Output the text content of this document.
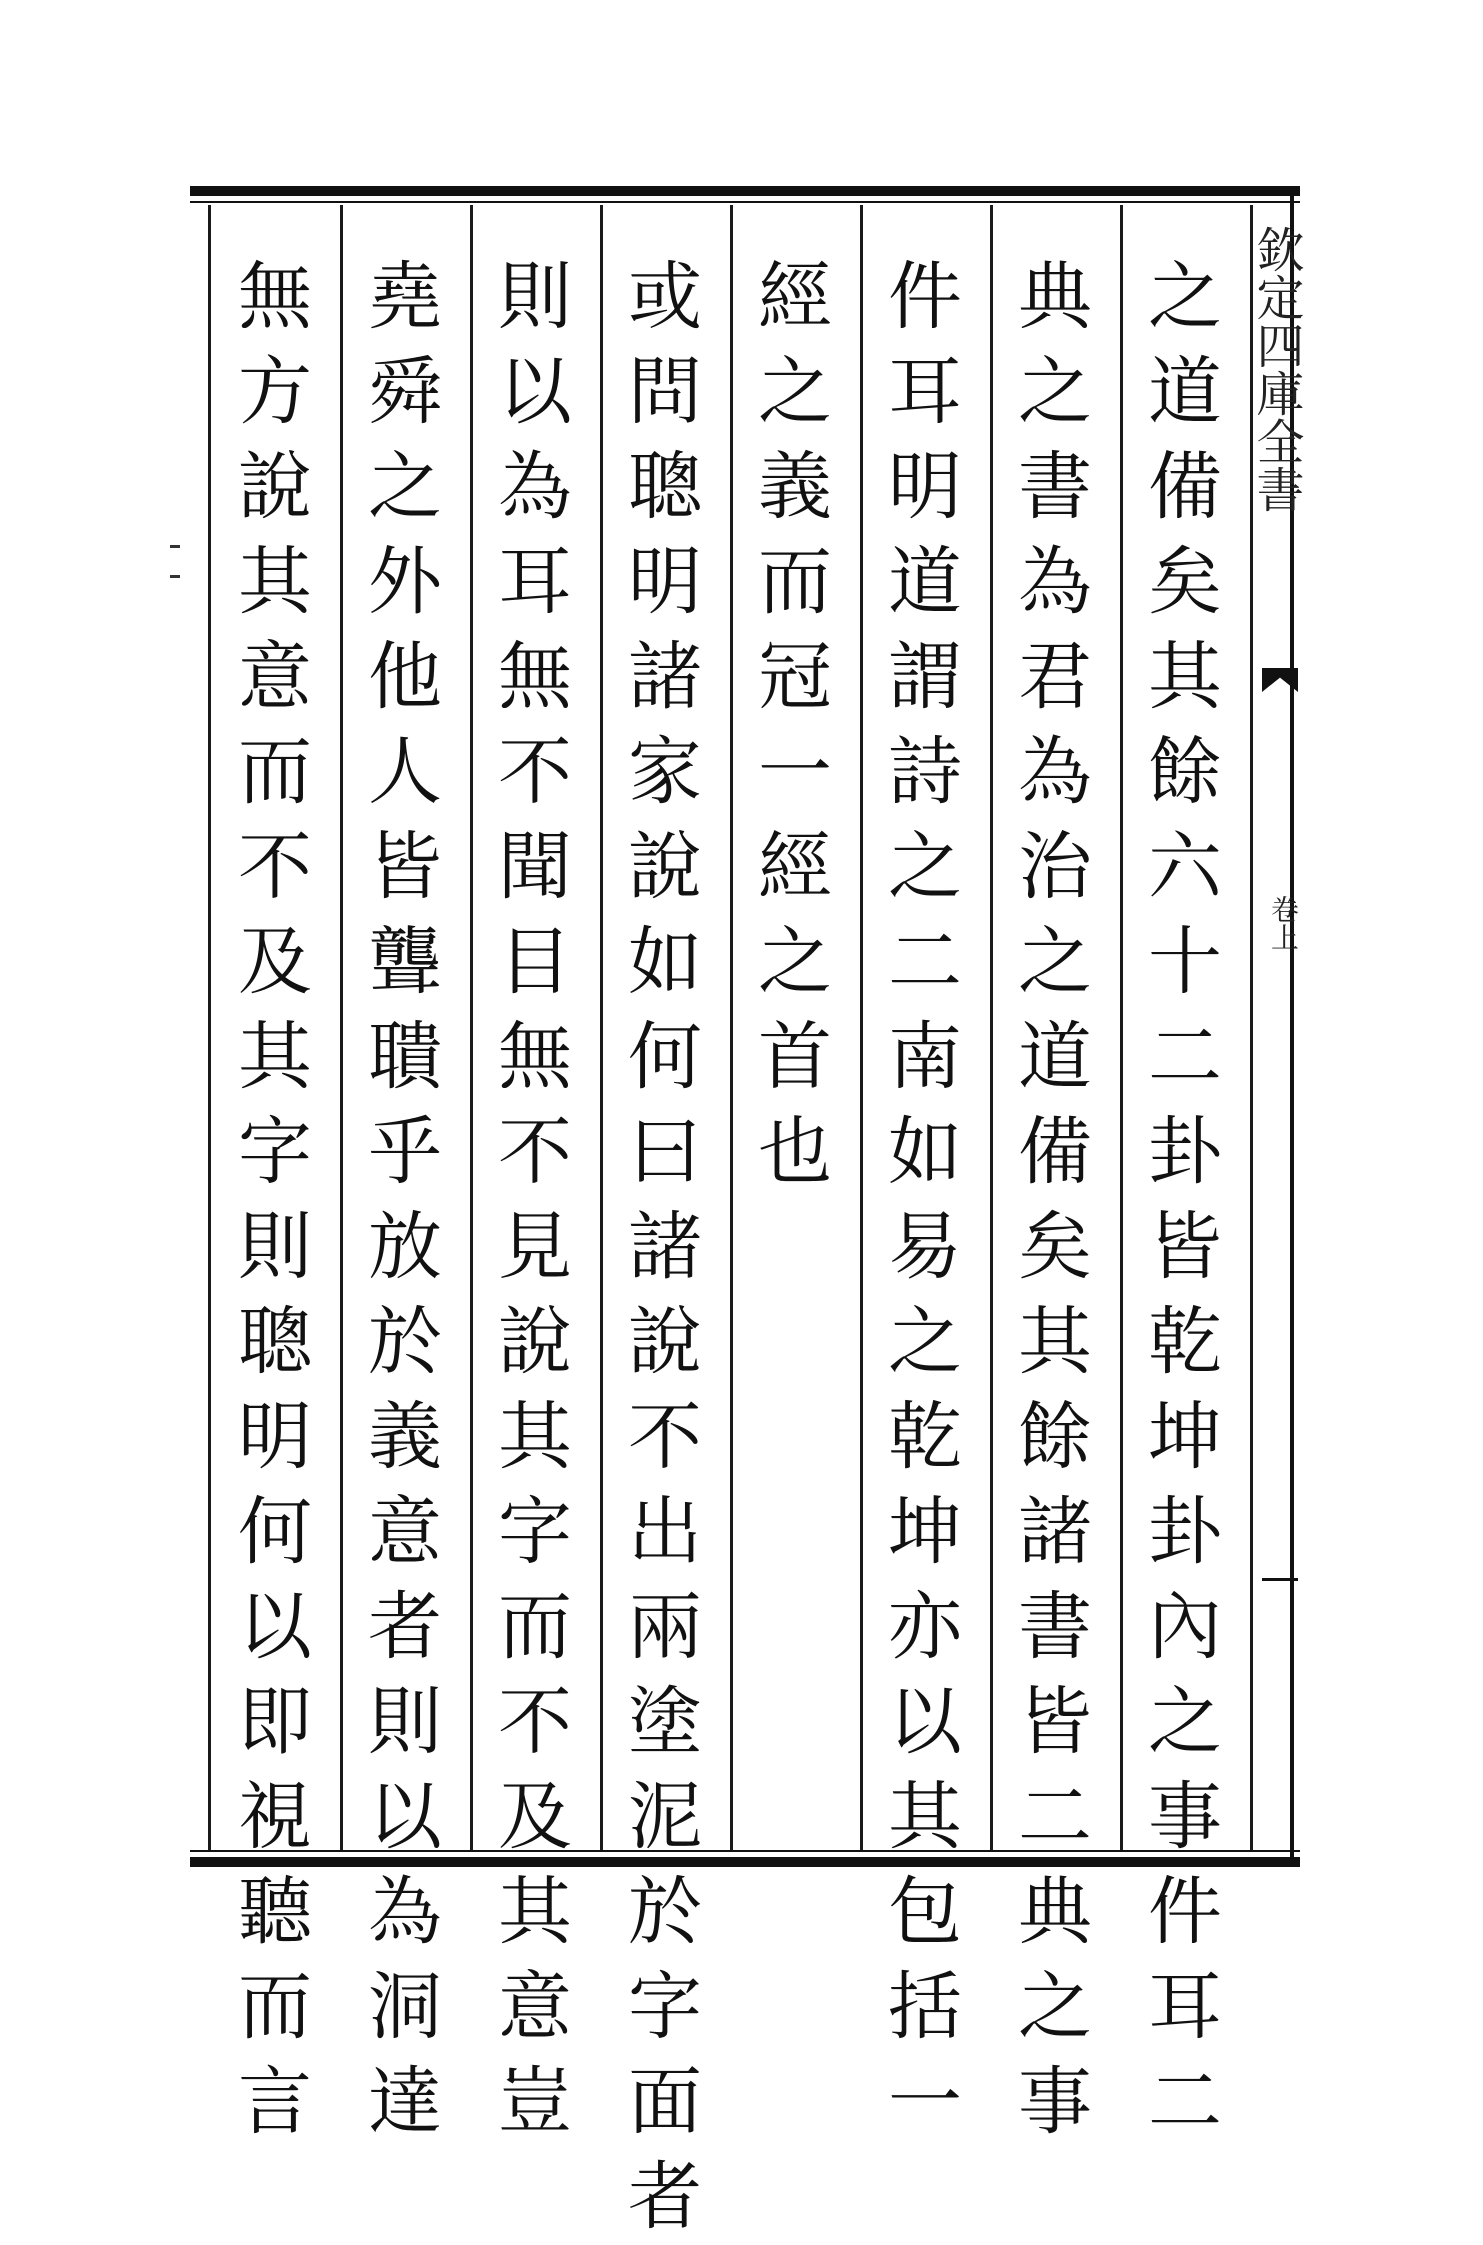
欽定四庫全書
卷上
之
道
備
矣
其
餘
六
十
二
卦
皆
乾
坤
卦
內
之
事
件
耳
二
典
之
書
為
君
為
治
之
道
備
矣
其
餘
諸
書
皆
二
典
之
事
件
耳
明
道
謂
詩
之
二
南
如
易
之
乾
坤
亦
以
其
包
括
一
經
之
義
而
冠
一
經
之
首
也
或
問
聰
明
諸
家
說
如
何
曰
諸
說
不
出
兩
塗
泥
於
字
面
者
則
以
為
耳
無
不
聞
目
無
不
見
說
其
字
而
不
及
其
意
豈
堯
舜
之
外
他
人
皆
聾
聵
乎
放
於
義
意
者
則
以
為
洞
達
無
方
說
其
意
而
不
及
其
字
則
聰
明
何
以
即
視
聽
而
言
